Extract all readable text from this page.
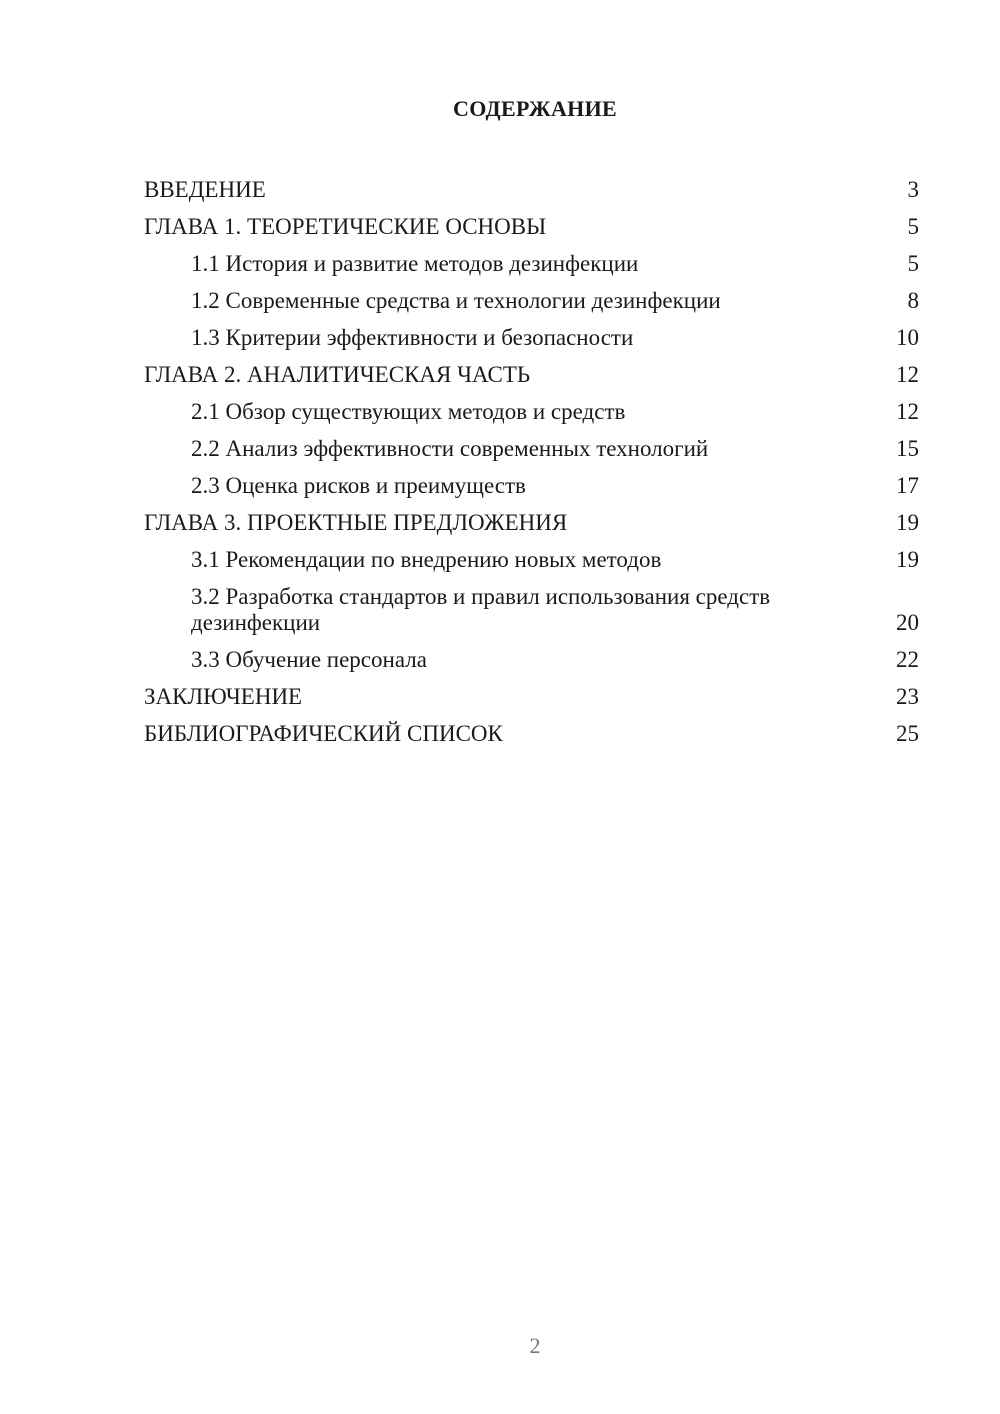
СОДЕРЖАНИЕ
ВВЕДЕНИЕ	3
ГЛАВА 1. ТЕОРЕТИЧЕСКИЕ ОСНОВЫ	5
1.1 История и развитие методов дезинфекции	5
1.2 Современные средства и технологии дезинфекции	8
1.3 Критерии эффективности и безопасности	10
ГЛАВА 2. АНАЛИТИЧЕСКАЯ ЧАСТЬ	12
2.1 Обзор существующих методов и средств	12
2.2 Анализ эффективности современных технологий	15
2.3 Оценка рисков и преимуществ	17
ГЛАВА 3. ПРОЕКТНЫЕ ПРЕДЛОЖЕНИЯ	19
3.1 Рекомендации по внедрению новых методов	19
3.2 Разработка стандартов и правил использования средств дезинфекции	20
3.3 Обучение персонала	22
ЗАКЛЮЧЕНИЕ	23
БИБЛИОГРАФИЧЕСКИЙ СПИСОК	25
2
